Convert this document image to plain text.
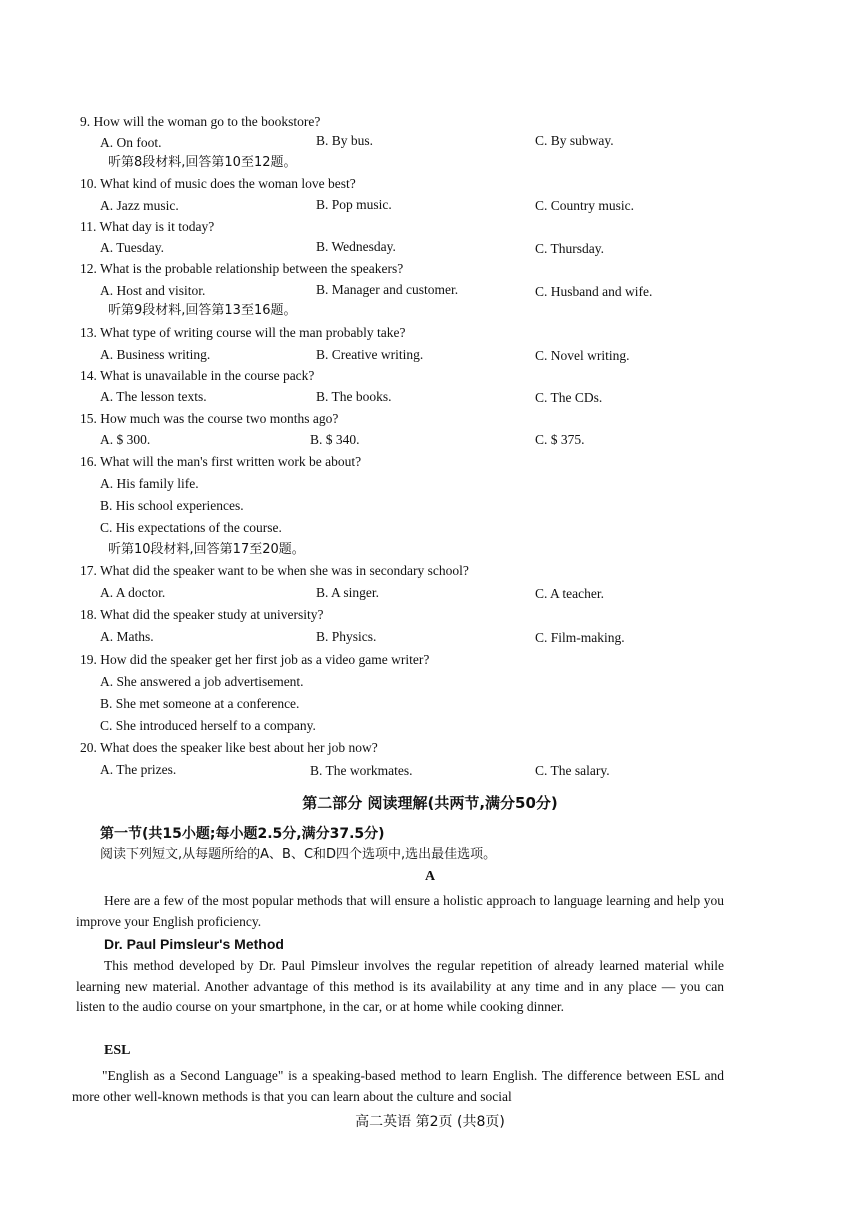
9. How will the woman go to the bookstore?
A. On foot.	B. By bus.	C. By subway.
听第8段材料,回答第10至12题。
10. What kind of music does the woman love best?
A. Jazz music.	B. Pop music.	C. Country music.
11. What day is it today?
A. Tuesday.	B. Wednesday.	C. Thursday.
12. What is the probable relationship between the speakers?
A. Host and visitor.	B. Manager and customer.	C. Husband and wife.
听第9段材料,回答第13至16题。
13. What type of writing course will the man probably take?
A. Business writing.	B. Creative writing.	C. Novel writing.
14. What is unavailable in the course pack?
A. The lesson texts.	B. The books.	C. The CDs.
15. How much was the course two months ago?
A. $ 300.	B. $ 340.	C. $ 375.
16. What will the man's first written work be about?
A. His family life.
B. His school experiences.
C. His expectations of the course.
听第10段材料,回答第17至20题。
17. What did the speaker want to be when she was in secondary school?
A. A doctor.	B. A singer.	C. A teacher.
18. What did the speaker study at university?
A. Maths.	B. Physics.	C. Film-making.
19. How did the speaker get her first job as a video game writer?
A. She answered a job advertisement.
B. She met someone at a conference.
C. She introduced herself to a company.
20. What does the speaker like best about her job now?
A. The prizes.	B. The workmates.	C. The salary.
第二部分 阅读理解(共两节,满分50分)
第一节(共15小题;每小题2.5分,满分37.5分)
阅读下列短文,从每题所给的A、B、C和D四个选项中,选出最佳选项。
A
Here are a few of the most popular methods that will ensure a holistic approach to language learning and help you improve your English proficiency.
Dr. Paul Pimsleur's Method
This method developed by Dr. Paul Pimsleur involves the regular repetition of already learned material while learning new material. Another advantage of this method is its availability at any time and in any place — you can listen to the audio course on your smartphone, in the car, or at home while cooking dinner.
ESL
"English as a Second Language" is a speaking-based method to learn English. The difference between ESL and more other well-known methods is that you can learn about the culture and social
高二英语 第2页 (共8页)
